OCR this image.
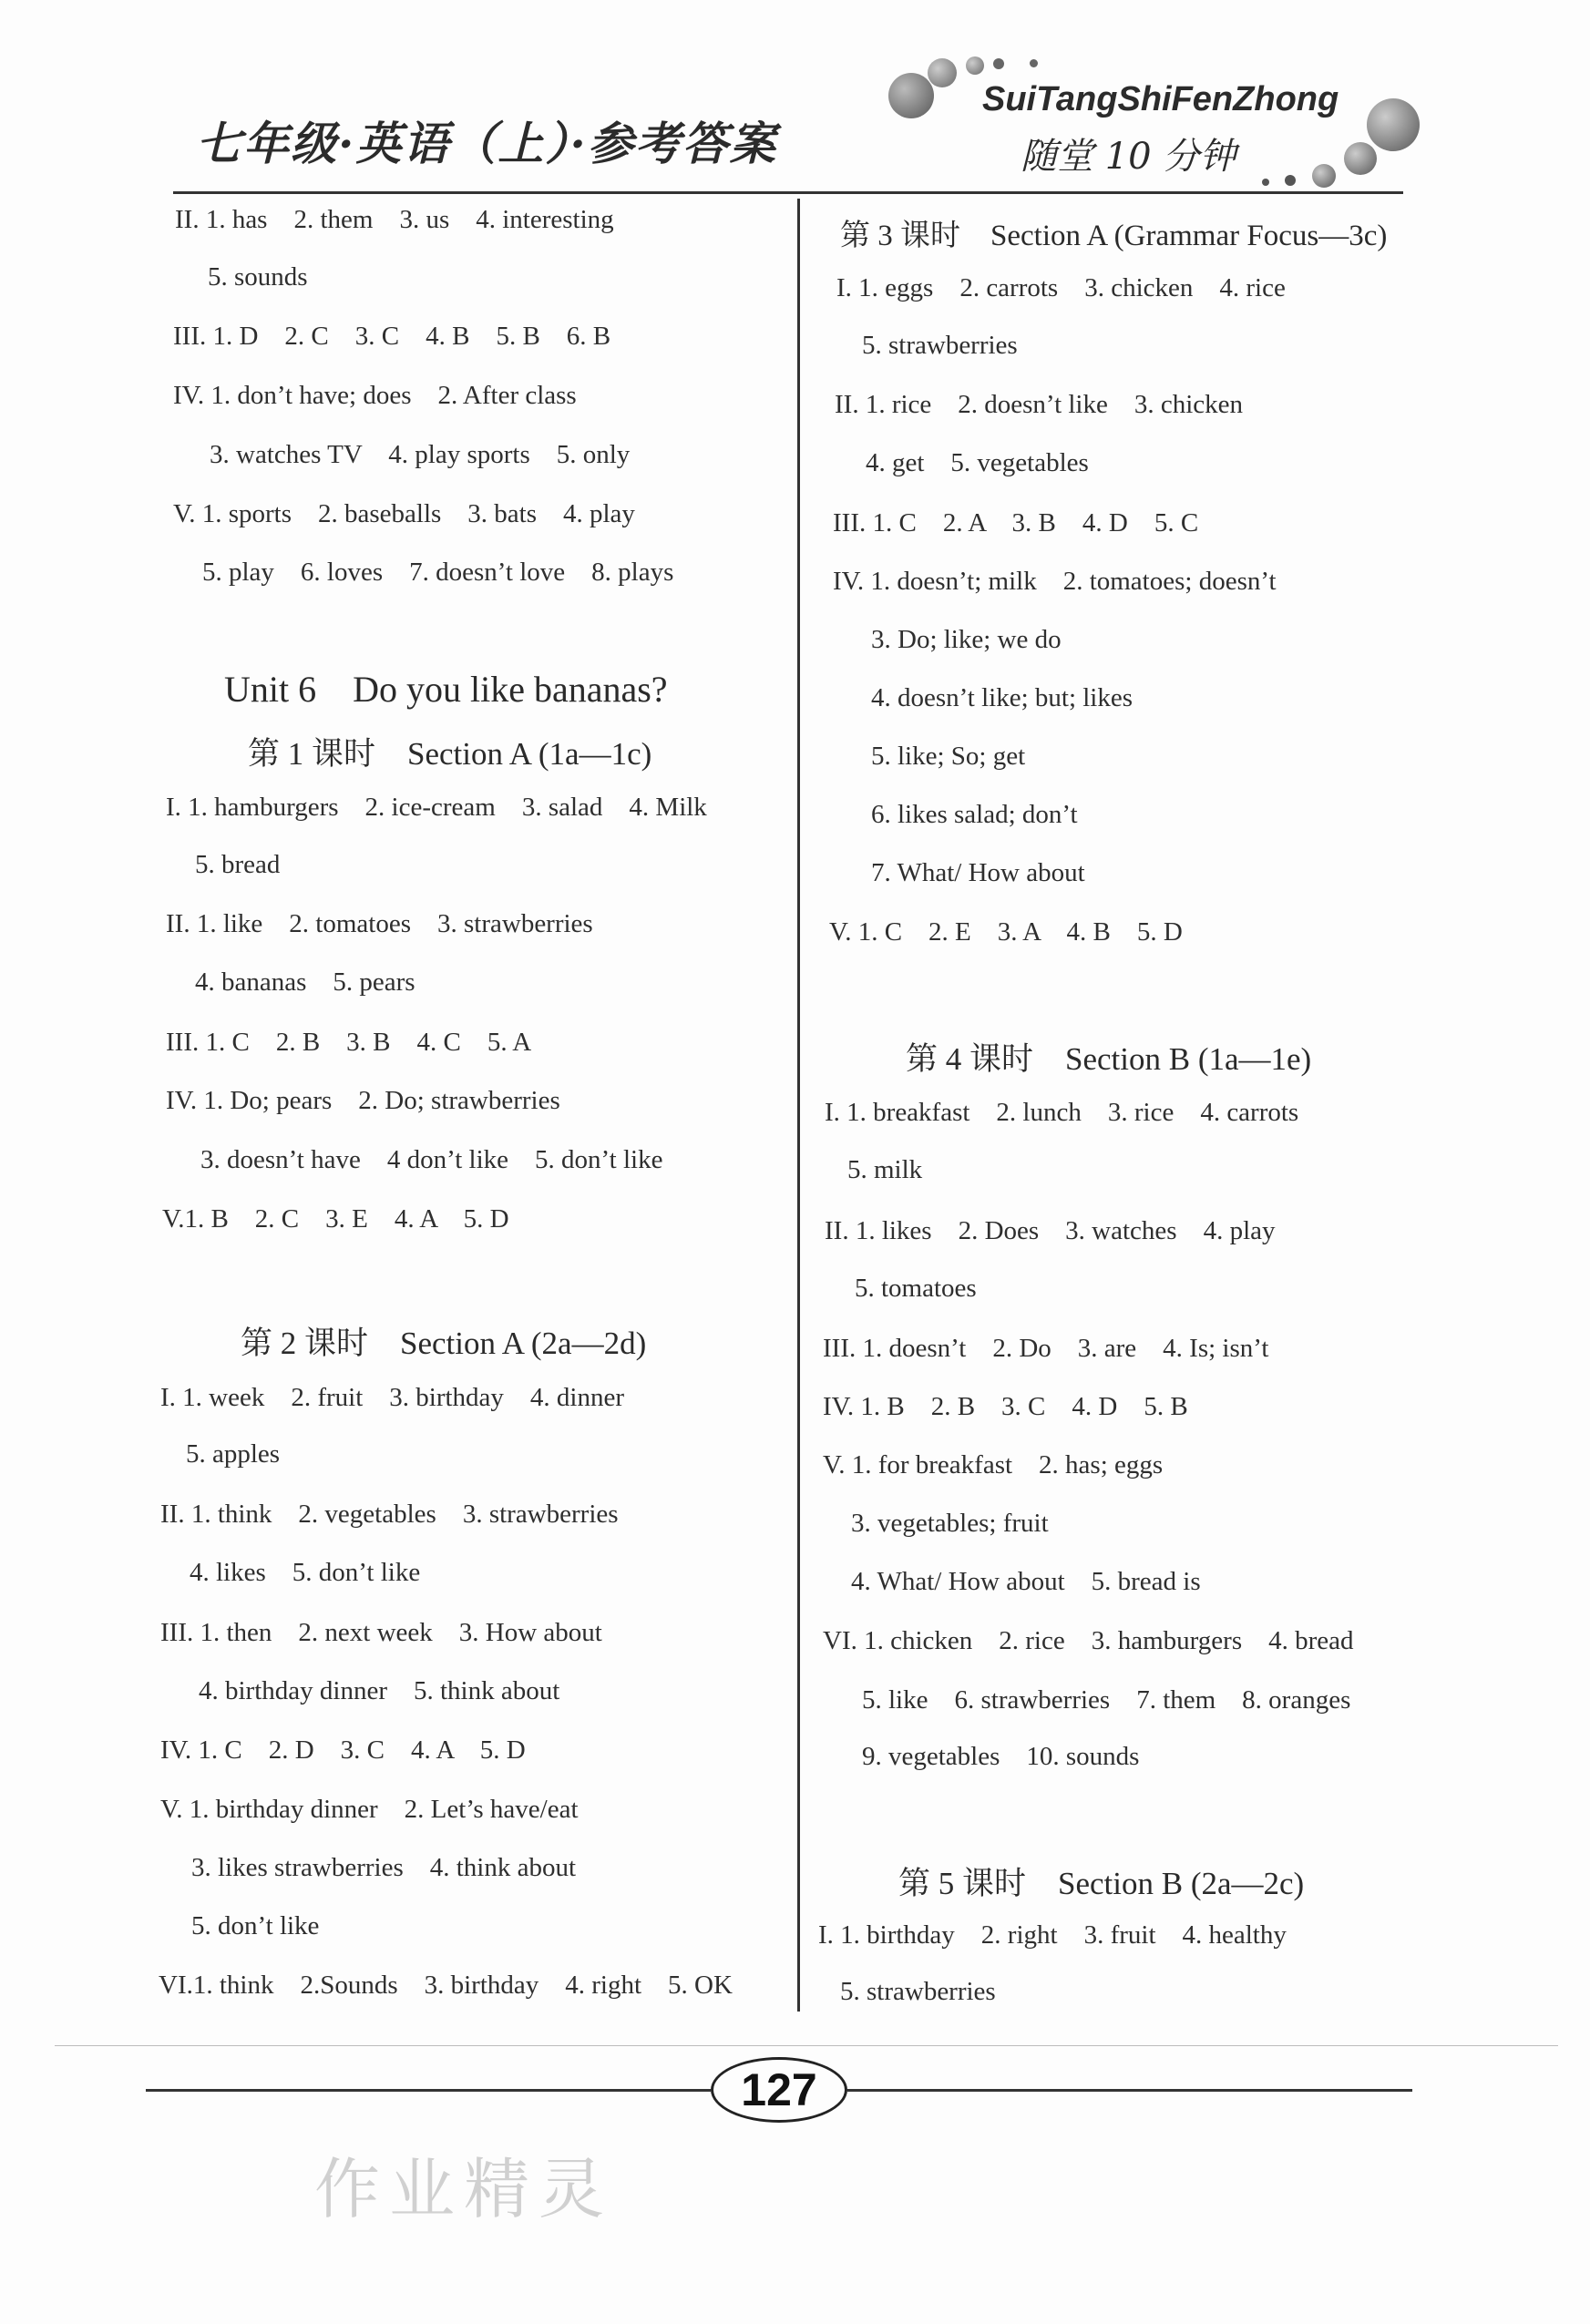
七年级·英语（上）·参考答案
SuiTangShiFenZhong
随堂 10 分钟
II. 1. has    2. them    3. us    4. interesting
5. sounds
III. 1. D    2. C    3. C    4. B    5. B    6. B
IV. 1. don’t have; does    2. After class
3. watches TV    4. play sports    5. only
V. 1. sports    2. baseballs    3. bats    4. play
5. play    6. loves    7. doesn’t love    8. plays
Unit 6    Do you like bananas?
第 1 课时    Section A (1a—1c)
I. 1. hamburgers    2. ice-cream    3. salad    4. Milk
5. bread
II. 1. like    2. tomatoes    3. strawberries
4. bananas    5. pears
III. 1. C    2. B    3. B    4. C    5. A
IV. 1. Do; pears    2. Do; strawberries
3. doesn’t have    4 don’t like    5. don’t like
V.1. B    2. C    3. E    4. A    5. D
第 2 课时    Section A (2a—2d)
I. 1. week    2. fruit    3. birthday    4. dinner
5. apples
II. 1. think    2. vegetables    3. strawberries
4. likes    5. don’t like
III. 1. then    2. next week    3. How about
4. birthday dinner    5. think about
IV. 1. C    2. D    3. C    4. A    5. D
V. 1. birthday dinner    2. Let’s have/eat
3. likes strawberries    4. think about
5. don’t like
VI.1. think    2.Sounds    3. birthday    4. right    5. OK
第 3 课时    Section A (Grammar Focus—3c)
I. 1. eggs    2. carrots    3. chicken    4. rice
5. strawberries
II. 1. rice    2. doesn’t like    3. chicken
4. get    5. vegetables
III. 1. C    2. A    3. B    4. D    5. C
IV. 1. doesn’t; milk    2. tomatoes; doesn’t
3. Do; like; we do
4. doesn’t like; but; likes
5. like; So; get
6. likes salad; don’t
7. What/ How about
V. 1. C    2. E    3. A    4. B    5. D
第 4 课时    Section B (1a—1e)
I. 1. breakfast    2. lunch    3. rice    4. carrots
5. milk
II. 1. likes    2. Does    3. watches    4. play
5. tomatoes
III. 1. doesn’t    2. Do    3. are    4. Is; isn’t
IV. 1. B    2. B    3. C    4. D    5. B
V. 1. for breakfast    2. has; eggs
3. vegetables; fruit
4. What/ How about    5. bread is
VI. 1. chicken    2. rice    3. hamburgers    4. bread
5. like    6. strawberries    7. them    8. oranges
9. vegetables    10. sounds
第 5 课时    Section B (2a—2c)
I. 1. birthday    2. right    3. fruit    4. healthy
5. strawberries
127
作业精灵
